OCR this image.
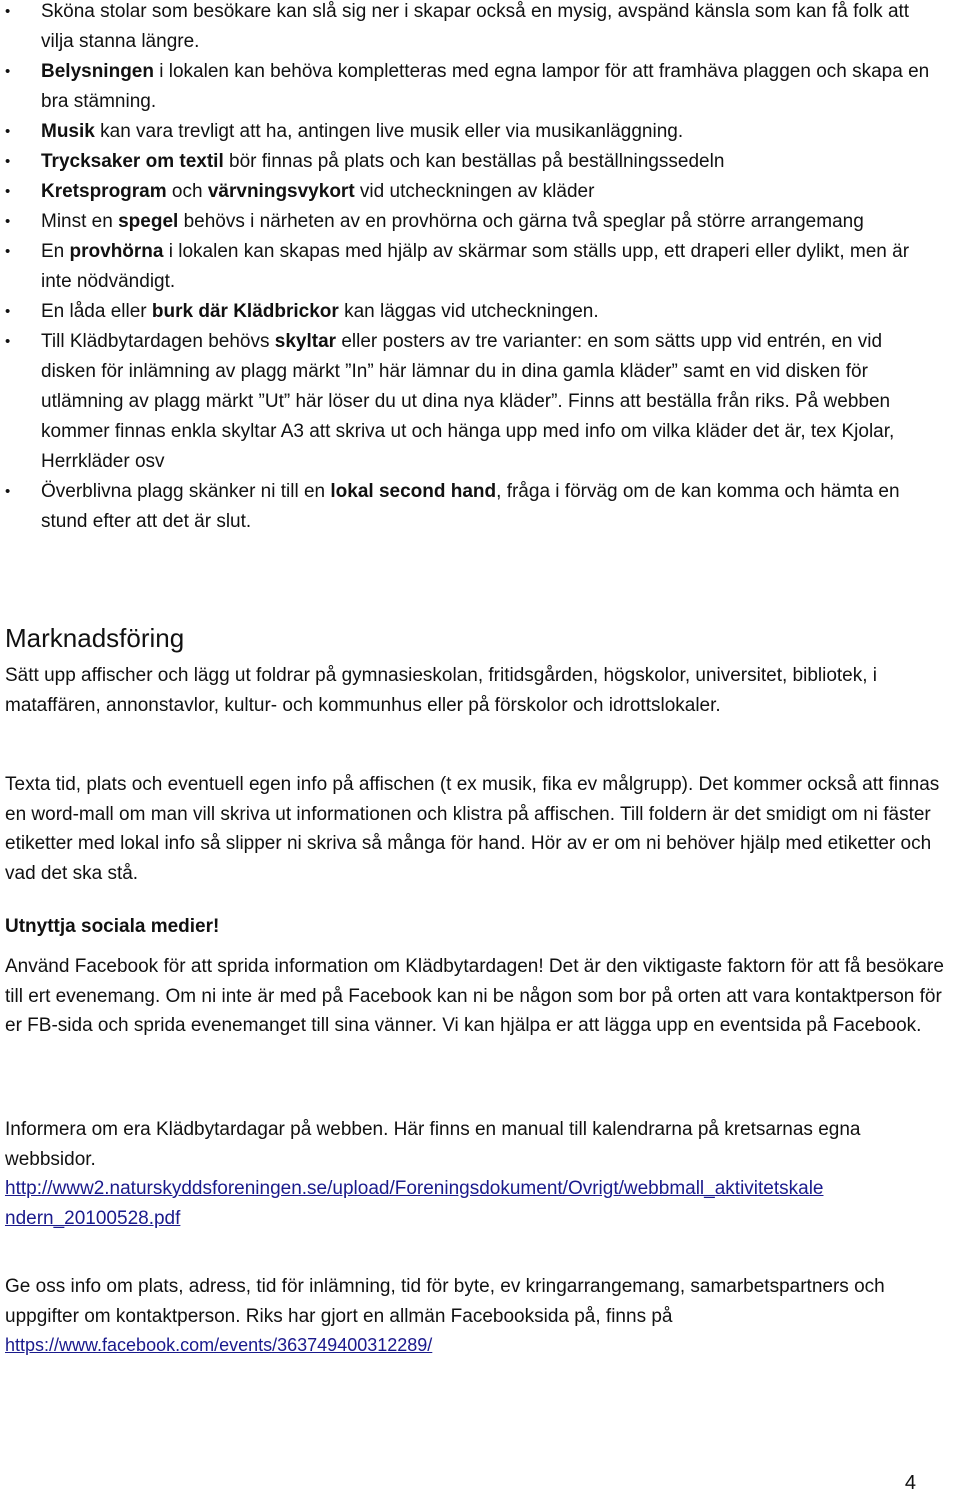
• Sköna stolar som besökare kan slå sig ner i skapar också en mysig, avspänd känsla som kan få folk att vilja stanna längre.
• Belysningen i lokalen kan behöva kompletteras med egna lampor för att framhäva plaggen och skapa en bra stämning.
• Musik kan vara trevligt att ha, antingen live musik eller via musikanläggning.
• Trycksaker om textil bör finnas på plats och kan beställas på beställningssedeln
• Kretsprogram och värvningsvykort vid utcheckningen av kläder
• Minst en spegel behövs i närheten av en provhörna och gärna två speglar på större arrangemang
• En provhörna i lokalen kan skapas med hjälp av skärmar som ställs upp, ett draperi eller dylikt, men är inte nödvändigt.
• En låda eller burk där Klädbrickor kan läggas vid utcheckningen.
• Till Klädbytardagen behövs skyltar eller posters av tre varianter: en som sätts upp vid entrén, en vid disken för inlämning av plagg märkt ”In” här lämnar du in dina gamla kläder” samt en vid disken för utlämning av plagg märkt ”Ut” här löser du ut dina nya kläder”. Finns att beställa från riks. På webben kommer finnas enkla skyltar A3 att skriva ut och hänga upp med info om vilka kläder det är, tex Kjolar, Herrkläder osv
• Överblivna plagg skänker ni till en lokal second hand, fråga i förväg om de kan komma och hämta en stund efter att det är slut.
Marknadsföring

Sätt upp affischer och lägg ut foldrar på gymnasieskolan, fritidsgården, högskolor, universitet, bibliotek, i mataffären, annonstavlor, kultur- och kommunhus eller på förskolor och idrottslokaler.

Texta tid, plats och eventuell egen info på affischen (t ex musik, fika ev målgrupp). Det kommer också att finnas en word-mall om man vill skriva ut informationen och klistra på affischen. Till foldern är det smidigt om ni fäster etiketter med lokal info så slipper ni skriva så många för hand. Hör av er om ni behöver hjälp med etiketter och vad det ska stå.

Utnyttja sociala medier!

Använd Facebook för att sprida information om Klädbytardagen! Det är den viktigaste faktorn för att få besökare till ert evenemang. Om ni inte är med på Facebook kan ni be någon som bor på orten att vara kontaktperson för er FB-sida och sprida evenemanget till sina vänner. Vi kan hjälpa er att lägga upp en eventsida på Facebook.

Informera om era Klädbytardagar på webben. Här finns en manual till kalendrarna på kretsarnas egna webbsidor.

http://www2.naturskyddsforeningen.se/upload/Foreningsdokument/Ovrigt/webbmall_aktivitetskale
ndern_20100528.pdf

Ge oss info om plats, adress, tid för inlämning, tid för byte, ev kringarrangemang, samarbetspartners och uppgifter om kontaktperson. Riks har gjort en allmän Facebooksida på, finns på https://www.facebook.com/events/363749400312289/

4
